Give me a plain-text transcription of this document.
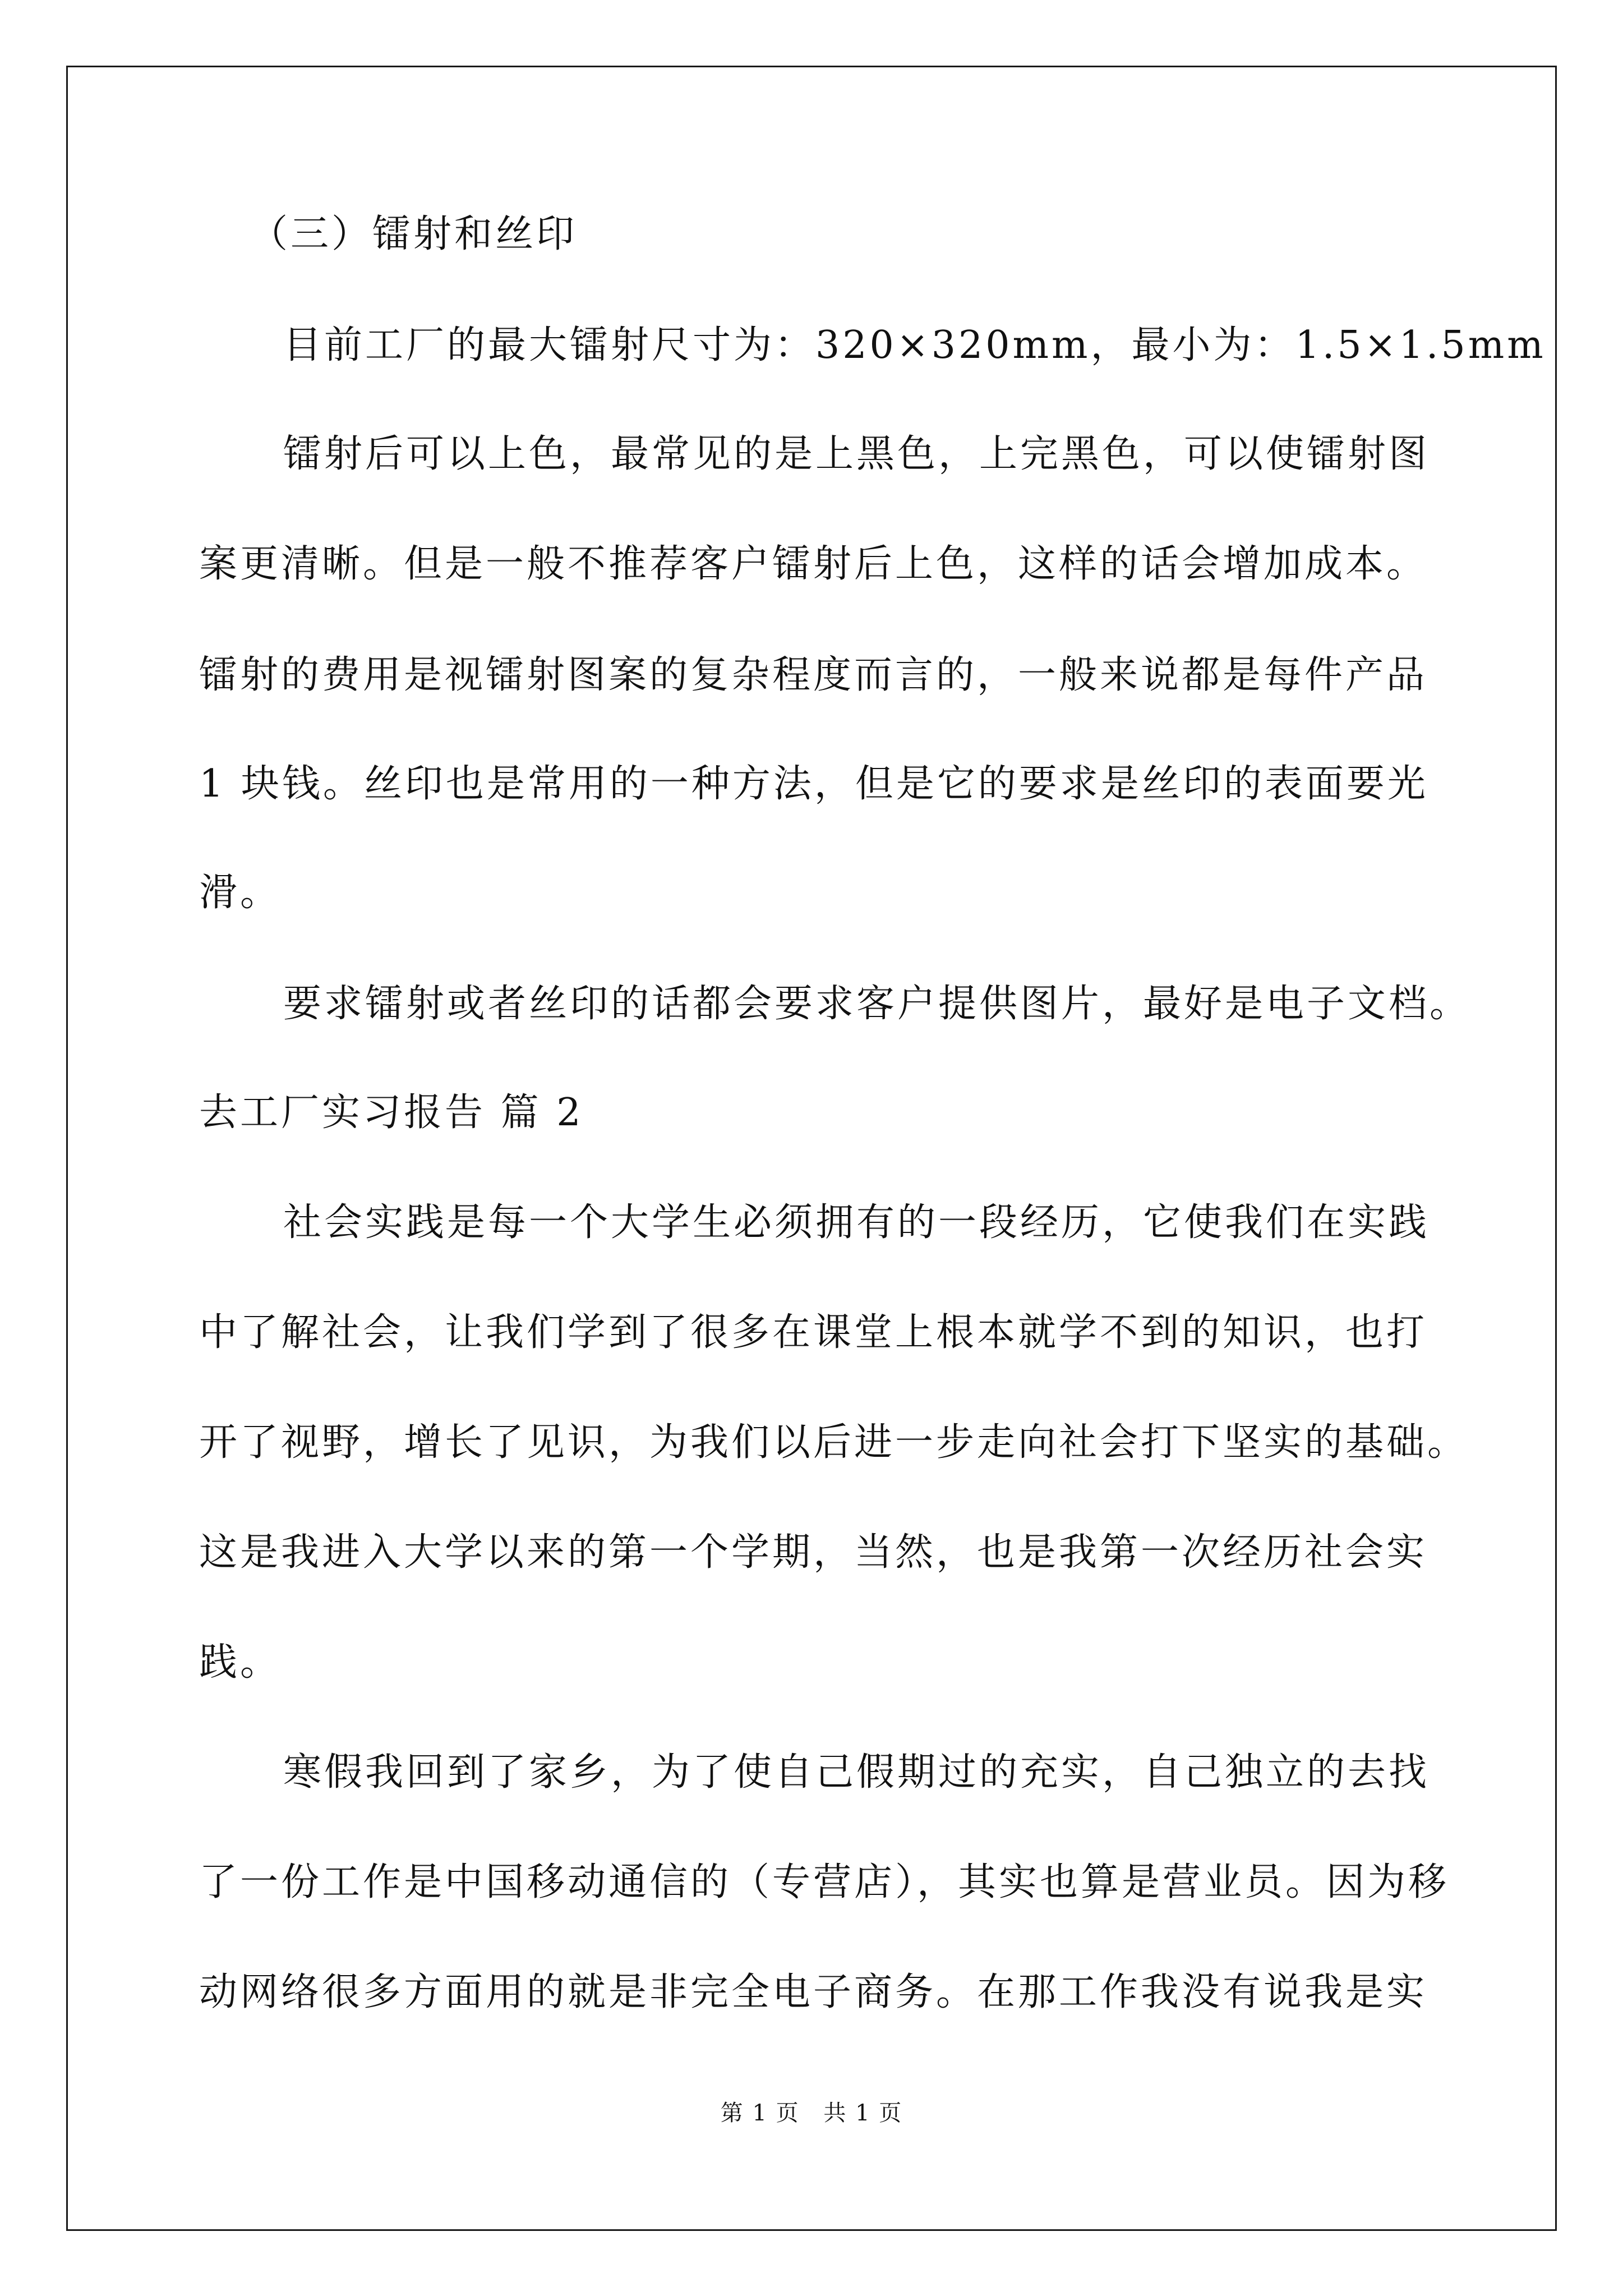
（三）镭射和丝印
目前工厂的最大镭射尺寸为：320×320mm，最小为：1.5×1.5mm
镭射后可以上色，最常见的是上黑色，上完黑色，可以使镭射图
案更清晰。但是一般不推荐客户镭射后上色，这样的话会增加成本。
镭射的费用是视镭射图案的复杂程度而言的，一般来说都是每件产品
1 块钱。丝印也是常用的一种方法，但是它的要求是丝印的表面要光
滑。
要求镭射或者丝印的话都会要求客户提供图片，最好是电子文档。
去工厂实习报告 篇 2
社会实践是每一个大学生必须拥有的一段经历，它使我们在实践
中了解社会，让我们学到了很多在课堂上根本就学不到的知识，也打
开了视野，增长了见识，为我们以后进一步走向社会打下坚实的基础。
这是我进入大学以来的第一个学期，当然，也是我第一次经历社会实
践。
寒假我回到了家乡，为了使自己假期过的充实，自己独立的去找
了一份工作是中国移动通信的（专营店），其实也算是营业员。因为移
动网络很多方面用的就是非完全电子商务。在那工作我没有说我是实
第 1 页 共 1 页
